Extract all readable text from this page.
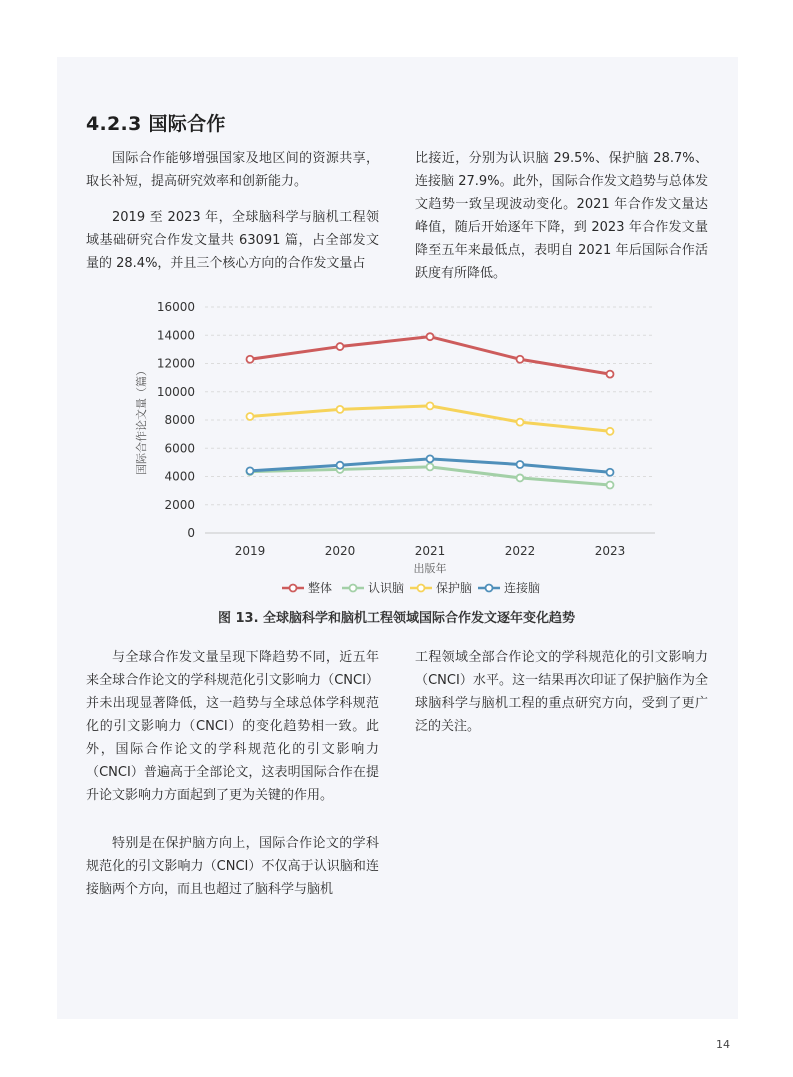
4.2.3 国际合作

国际合作能够增强国家及地区间的资源共享，取长补短，提高研究效率和创新能力。

2019 至 2023 年，全球脑科学与脑机工程领域基础研究合作发文量共 63091 篇，占全部发文量的 28.4%，并且三个核心方向的合作发文量占

比接近，分别为认识脑 29.5%、保护脑 28.7%、连接脑 27.9%。此外，国际合作发文趋势与总体发文趋势一致呈现波动变化。2021 年合作发文量达峰值，随后开始逐年下降，到 2023 年合作发文量降至五年来最低点，表明自 2021 年后国际合作活跃度有所降低。

0
2000
4000
6000
8000
10000
12000
14000
16000
2019	2020	2021	2022	2023
出版年
国际合作论文量（篇）
整体	认识脑	保护脑	连接脑

图 13. 全球脑科学和脑机工程领域国际合作发文逐年变化趋势

与全球合作发文量呈现下降趋势不同，近五年来全球合作论文的学科规范化引文影响力（CNCI）并未出现显著降低，这一趋势与全球总体学科规范化的引文影响力（CNCI）的变化趋势相一致。此外，国际合作论文的学科规范化的引文影响力（CNCI）普遍高于全部论文，这表明国际合作在提升论文影响力方面起到了更为关键的作用。

特别是在保护脑方向上，国际合作论文的学科规范化的引文影响力（CNCI）不仅高于认识脑和连接脑两个方向，而且也超过了脑科学与脑机

工程领域全部合作论文的学科规范化的引文影响力（CNCI）水平。这一结果再次印证了保护脑作为全球脑科学与脑机工程的重点研究方向，受到了更广泛的关注。

14
